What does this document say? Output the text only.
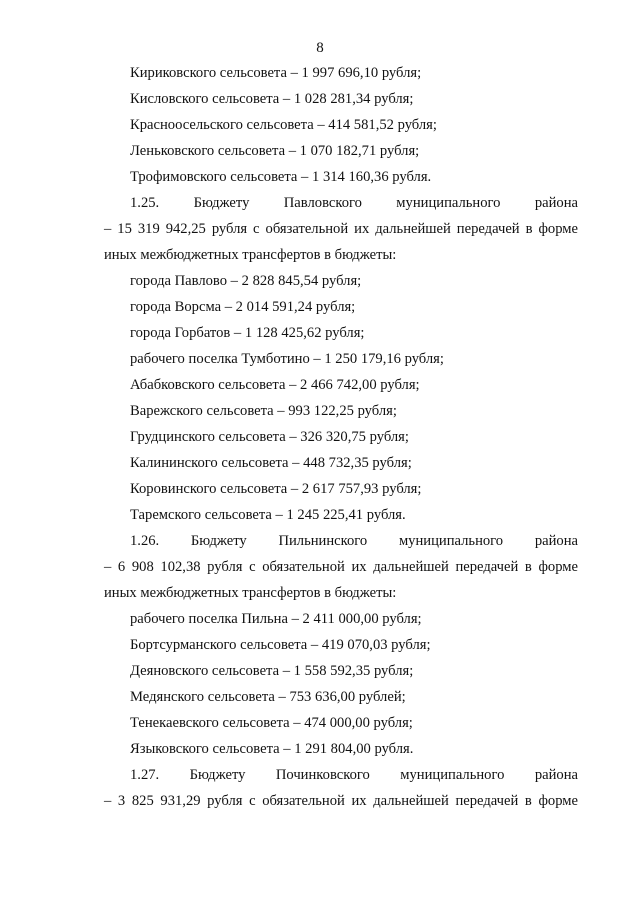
8
Кириковского сельсовета – 1 997 696,10 рубля;
Кисловского сельсовета – 1 028 281,34 рубля;
Красноосельского сельсовета – 414 581,52 рубля;
Леньковского сельсовета – 1 070 182,71 рубля;
Трофимовского сельсовета – 1 314 160,36 рубля.
1.25. Бюджету Павловского муниципального района
– 15 319 942,25 рубля с обязательной их дальнейшей передачей в форме
иных межбюджетных трансфертов в бюджеты:
города Павлово – 2 828 845,54 рубля;
города Ворсма – 2 014 591,24 рубля;
города Горбатов – 1 128 425,62 рубля;
рабочего поселка Тумботино – 1 250 179,16 рубля;
Абабковского сельсовета – 2 466 742,00 рубля;
Варежского сельсовета – 993 122,25 рубля;
Грудцинского сельсовета – 326 320,75 рубля;
Калининского сельсовета – 448 732,35 рубля;
Коровинского сельсовета – 2 617 757,93 рубля;
Таремского сельсовета – 1 245 225,41 рубля.
1.26. Бюджету Пильнинского муниципального района
– 6 908 102,38 рубля с обязательной их дальнейшей передачей в форме
иных межбюджетных трансфертов в бюджеты:
рабочего поселка Пильна – 2 411 000,00 рубля;
Бортсурманского сельсовета – 419 070,03 рубля;
Деяновского сельсовета – 1 558 592,35 рубля;
Медянского сельсовета – 753 636,00 рублей;
Тенекаевского сельсовета – 474 000,00 рубля;
Языковского сельсовета – 1 291 804,00 рубля.
1.27. Бюджету Починковского муниципального района
– 3 825 931,29 рубля с обязательной их дальнейшей передачей в форме
